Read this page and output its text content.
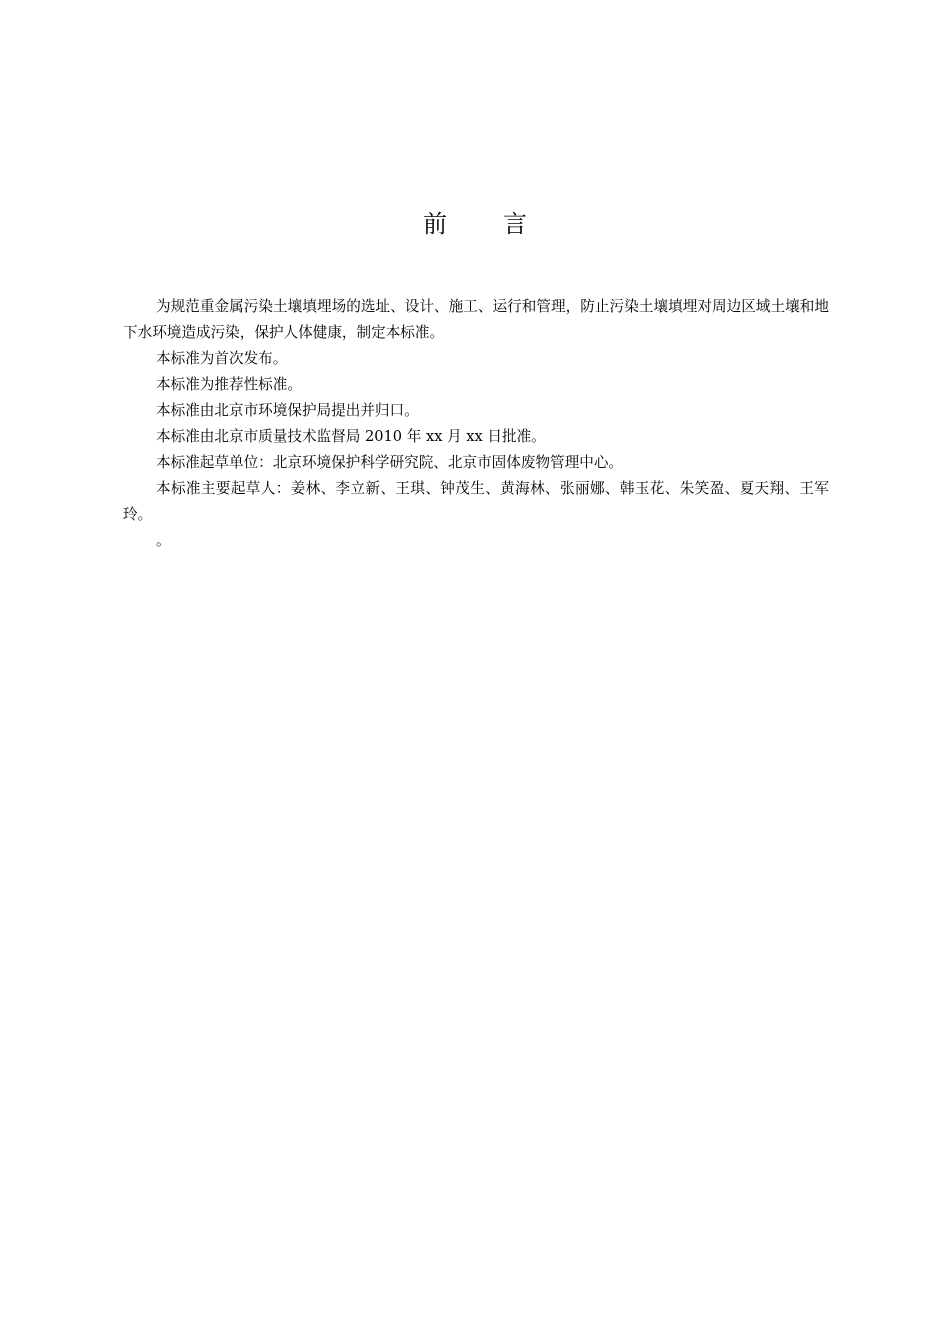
前 言

为规范重金属污染土壤填埋场的选址、设计、施工、运行和管理，防止污染土壤填埋对周边区域土壤和地下水环境造成污染，保护人体健康，制定本标准。

本标准为首次发布。

本标准为推荐性标准。

本标准由北京市环境保护局提出并归口。

本标准由北京市质量技术监督局 2010 年 xx 月 xx 日批准。

本标准起草单位：北京环境保护科学研究院、北京市固体废物管理中心。

本标准主要起草人：姜林、李立新、王琪、钟茂生、黄海林、张丽娜、韩玉花、朱笑盈、夏天翔、王军玲。

。
